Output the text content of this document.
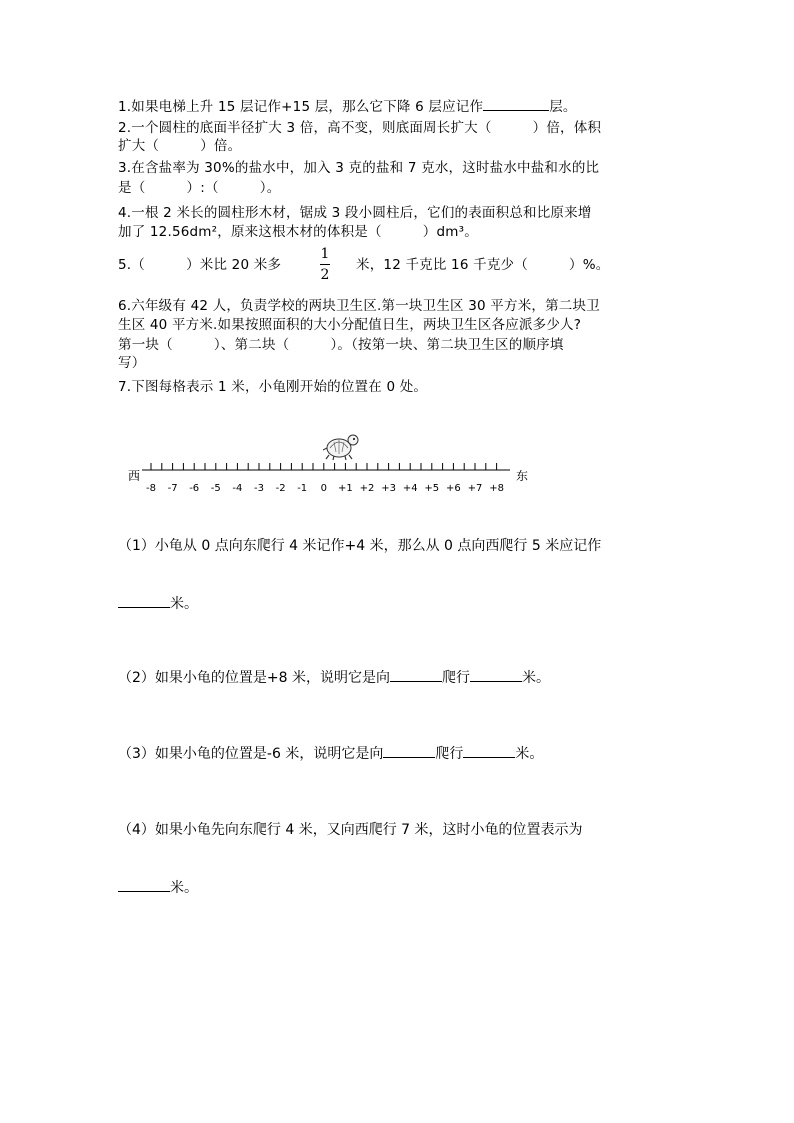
1.如果电梯上升 15 层记作+15 层，那么它下降 6 层应记作	层。
2.一个圆柱的底面半径扩大 3 倍，高不变，则底面周长扩大（　　　）倍，体积
扩大（　　　）倍。
3.在含盐率为 30%的盐水中，加入 3 克的盐和 7 克水，这时盐水中盐和水的比
是（　　　）:（　　　）。
4.一根 2 米长的圆柱形木材，锯成 3 段小圆柱后，它们的表面积总和比原来增
加了 12.56dm²，原来这根木材的体积是（　　　）dm³。
5.（　　　）米比 20 米多
1
2
米，12 千克比 16 千克少（　　　）%。
6.六年级有 42 人，负责学校的两块卫生区.第一块卫生区 30 平方米，第二块卫
生区 40 平方米.如果按照面积的大小分配值日生，两块卫生区各应派多少人?
第一块（　　　）、第二块（　　　）。（按第一块、第二块卫生区的顺序填
写）
7.下图每格表示 1 米，小龟刚开始的位置在 0 处。
西	东
-8 -7 -6 -5 -4 -3 -2 -1 0 +1 +2 +3 +4 +5 +6 +7 +8
（1）小龟从 0 点向东爬行 4 米记作+4 米，那么从 0 点向西爬行 5 米应记作
米。
（2）如果小龟的位置是+8 米，说明它是向	爬行	米。
（3）如果小龟的位置是-6 米，说明它是向	爬行	米。
（4）如果小龟先向东爬行 4 米，又向西爬行 7 米，这时小龟的位置表示为
米。
